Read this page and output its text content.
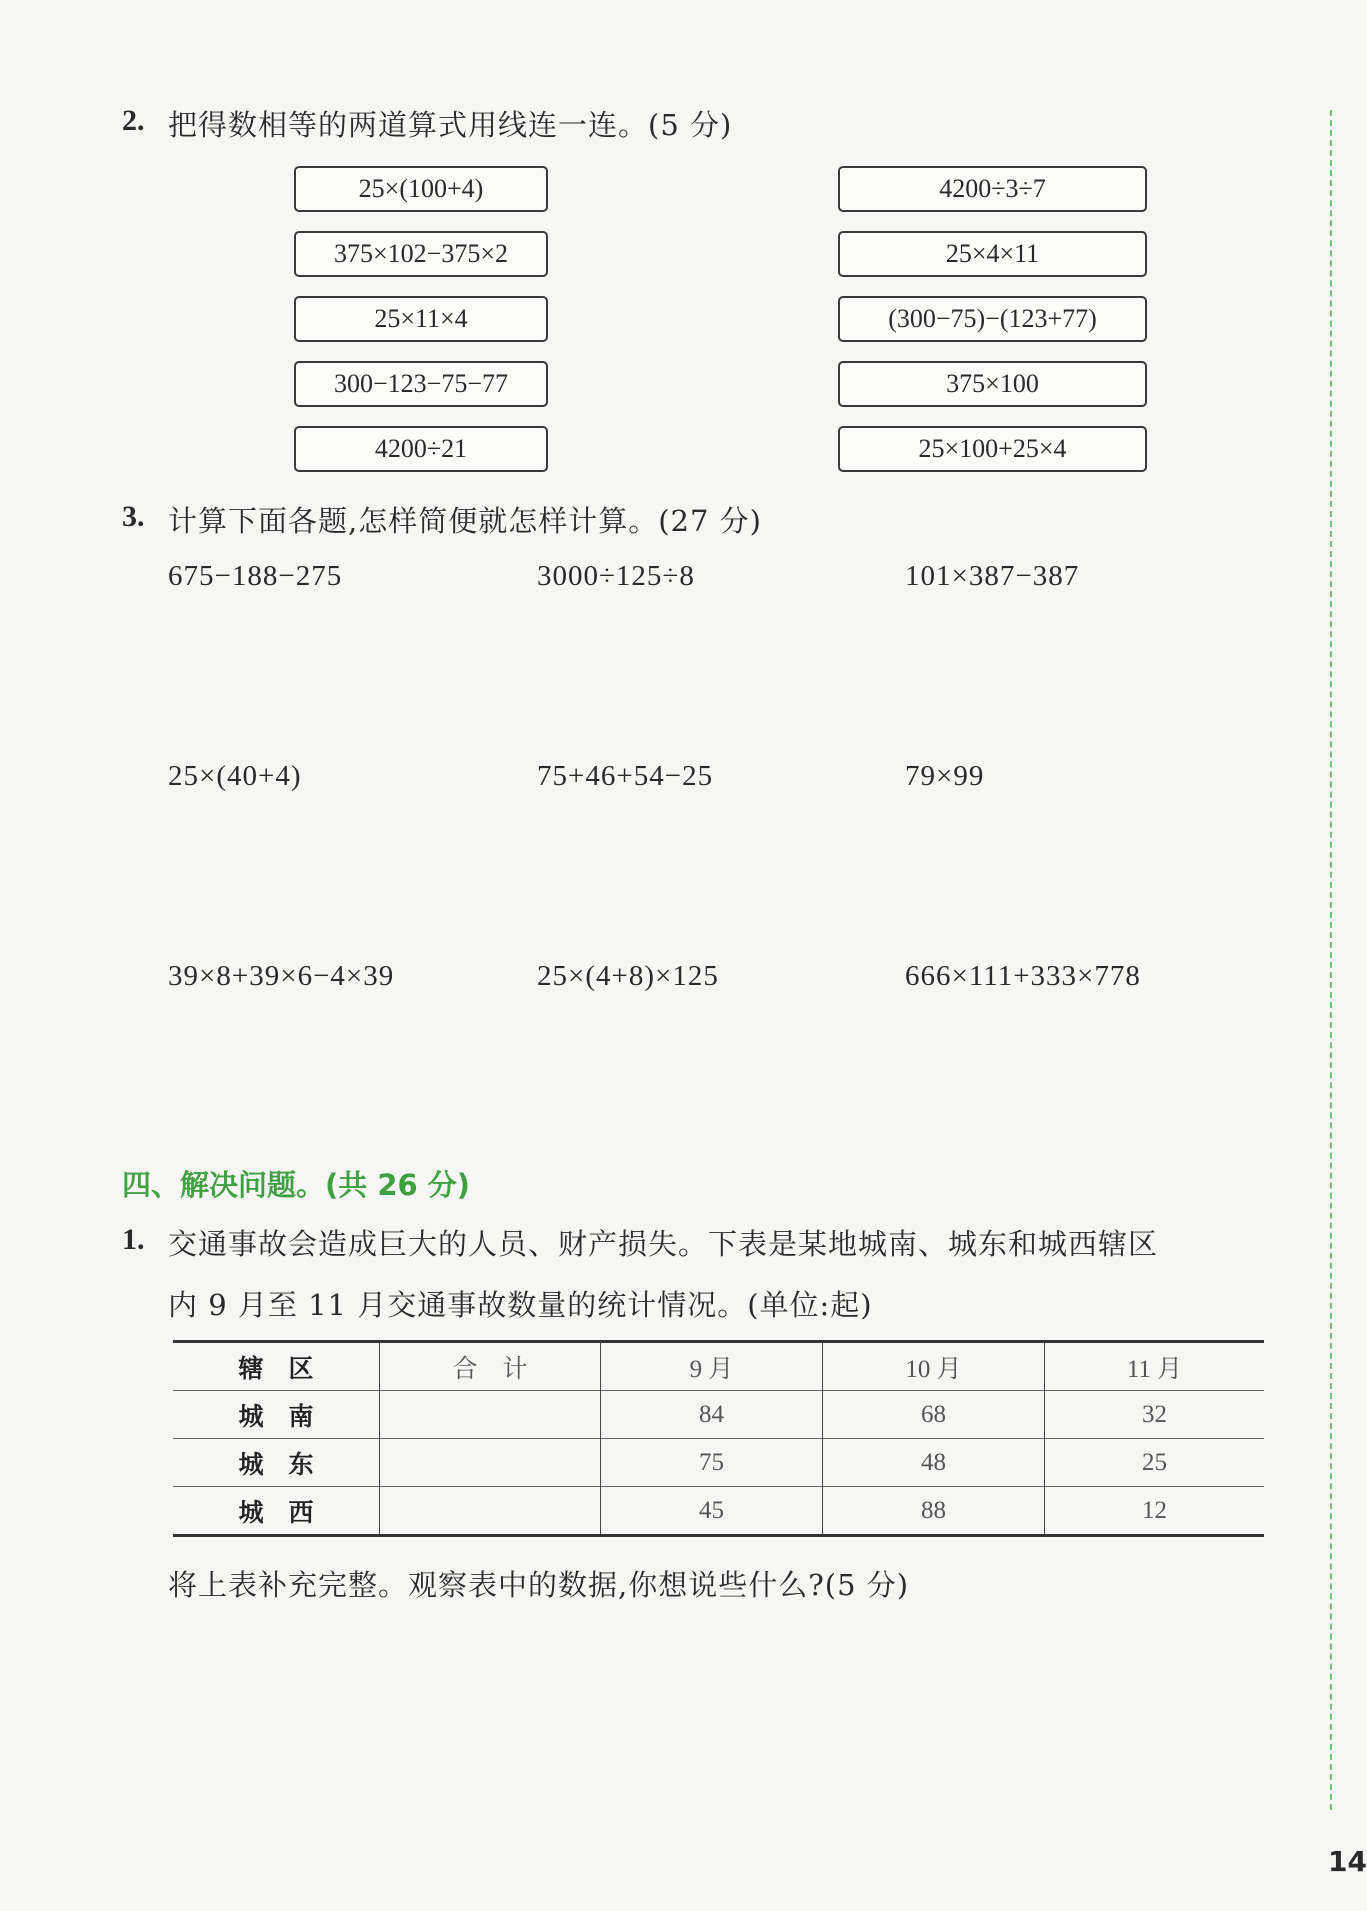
2. 把得数相等的两道算式用线连一连。(5 分)
25×(100+4)
375×102−375×2
25×11×4
300−123−75−77
4200÷21
4200÷3÷7
25×4×11
(300−75)−(123+77)
375×100
25×100+25×4
3. 计算下面各题,怎样简便就怎样计算。(27 分)
675−188−275	3000÷125÷8	101×387−387
25×(40+4)	75+46+54−25	79×99
39×8+39×6−4×39	25×(4+8)×125	666×111+333×778
四、解决问题。(共 26 分)
1. 交通事故会造成巨大的人员、财产损失。下表是某地城南、城东和城西辖区
内 9 月至 11 月交通事故数量的统计情况。(单位:起)
辖　区	合　计	9 月	10 月	11 月
城　南		84	68	32
城　东		75	48	25
城　西		45	88	12
将上表补充完整。观察表中的数据,你想说些什么?(5 分)
14
